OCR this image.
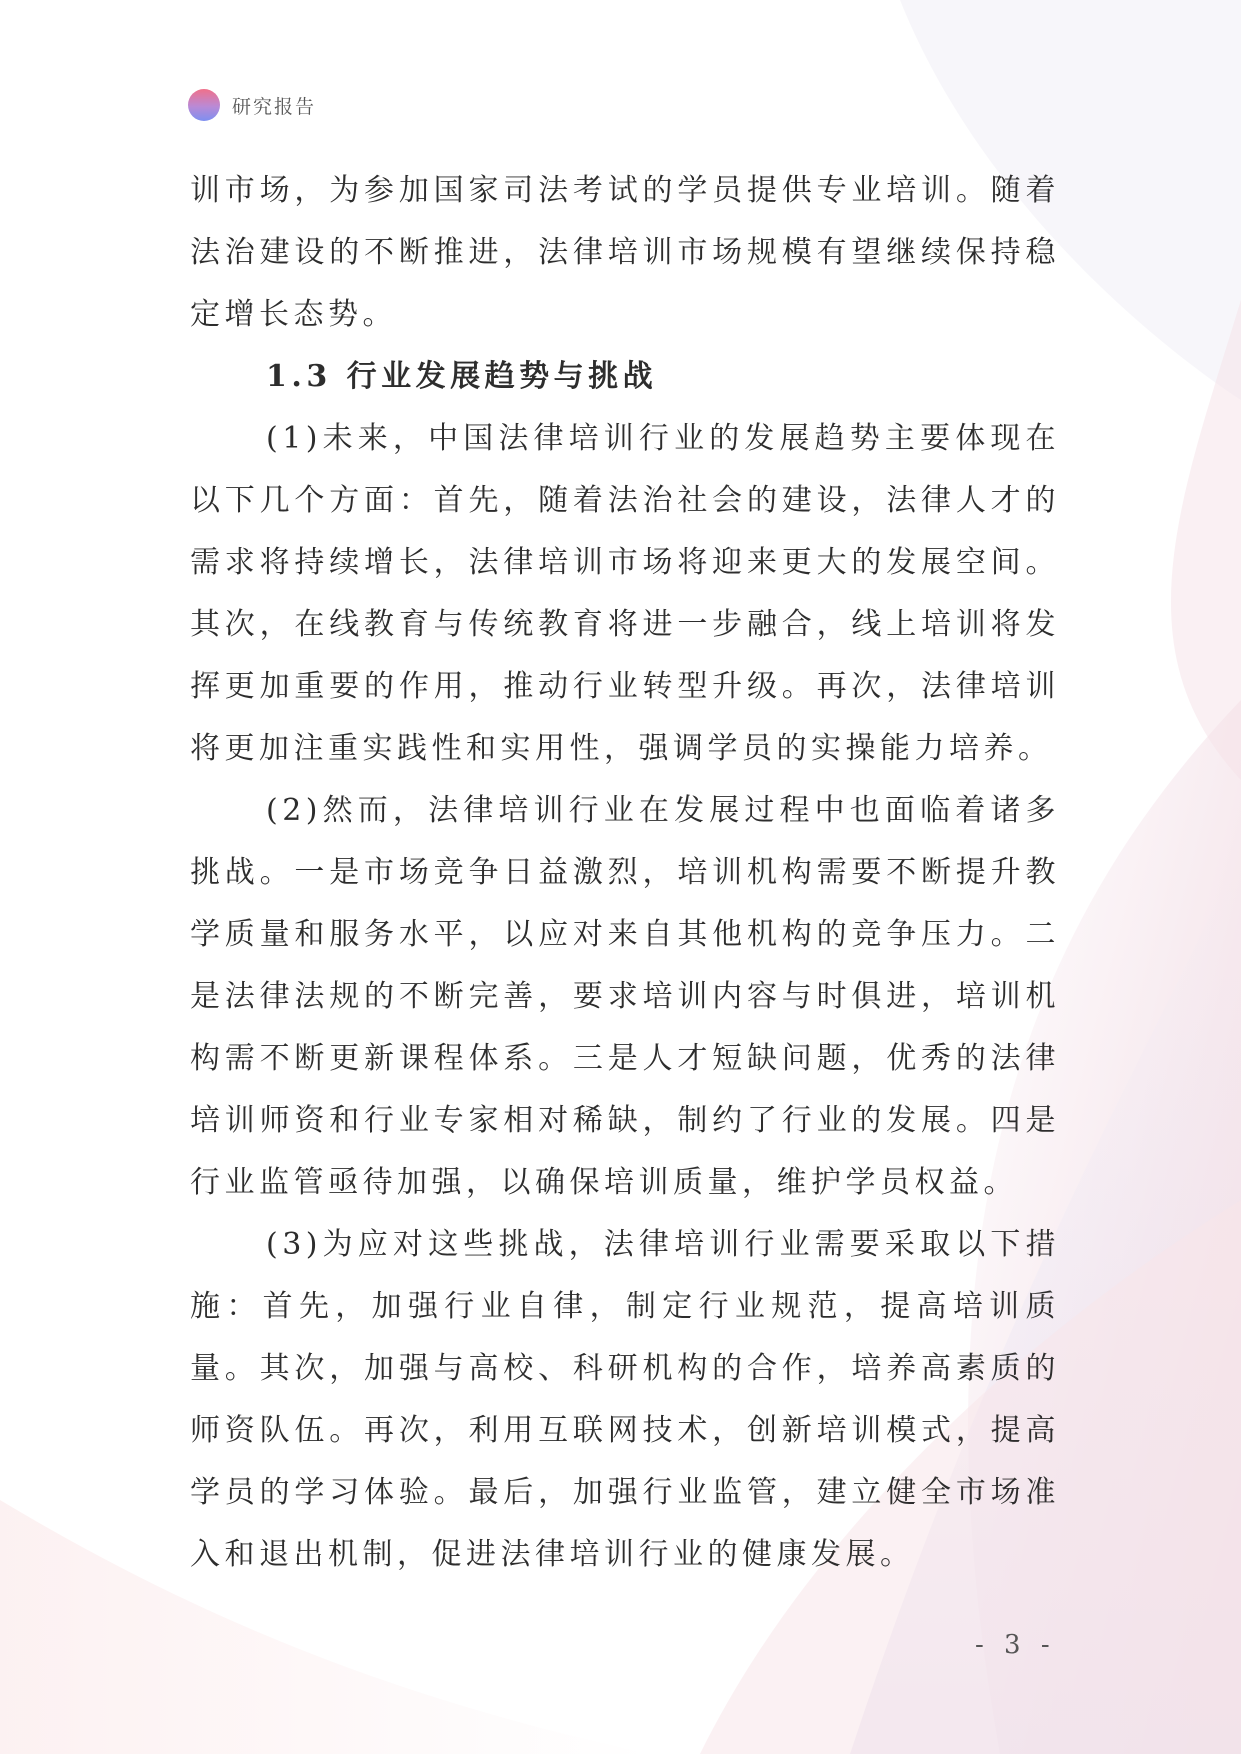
研究报告

训市场，为参加国家司法考试的学员提供专业培训。随着法治建设的不断推进，法律培训市场规模有望继续保持稳定增长态势。

1.3 行业发展趋势与挑战

(1)未来，中国法律培训行业的发展趋势主要体现在以下几个方面：首先，随着法治社会的建设，法律人才的需求将持续增长，法律培训市场将迎来更大的发展空间。其次，在线教育与传统教育将进一步融合，线上培训将发挥更加重要的作用，推动行业转型升级。再次，法律培训将更加注重实践性和实用性，强调学员的实操能力培养。

(2)然而，法律培训行业在发展过程中也面临着诸多挑战。一是市场竞争日益激烈，培训机构需要不断提升教学质量和服务水平，以应对来自其他机构的竞争压力。二是法律法规的不断完善，要求培训内容与时俱进，培训机构需不断更新课程体系。三是人才短缺问题，优秀的法律培训师资和行业专家相对稀缺，制约了行业的发展。四是行业监管亟待加强，以确保培训质量，维护学员权益。

(3)为应对这些挑战，法律培训行业需要采取以下措施：首先，加强行业自律，制定行业规范，提高培训质量。其次，加强与高校、科研机构的合作，培养高素质的师资队伍。再次，利用互联网技术，创新培训模式，提高学员的学习体验。最后，加强行业监管，建立健全市场准入和退出机制，促进法律培训行业的健康发展。

- 3 -
